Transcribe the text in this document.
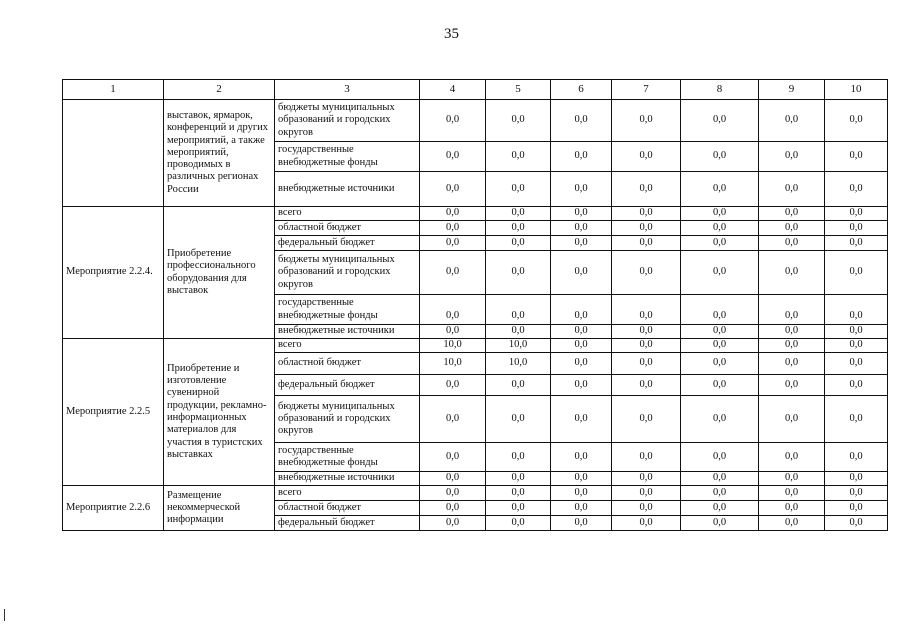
35
1	2	3	4	5	6	7	8	9	10
	выставок, ярмарок, конференций и других мероприятий, а также мероприятий, проводимых в различных регионах России	бюджеты муниципальных образований и городских округов	0,0	0,0	0,0	0,0	0,0	0,0	0,0
		государственные внебюджетные фонды	0,0	0,0	0,0	0,0	0,0	0,0	0,0
		внебюджетные источники	0,0	0,0	0,0	0,0	0,0	0,0	0,0
Мероприятие 2.2.4.	Приобретение профессионального оборудования для выставок	всего	0,0	0,0	0,0	0,0	0,0	0,0	0,0
		областной бюджет	0,0	0,0	0,0	0,0	0,0	0,0	0,0
		федеральный бюджет	0,0	0,0	0,0	0,0	0,0	0,0	0,0
		бюджеты муниципальных образований и городских округов	0,0	0,0	0,0	0,0	0,0	0,0	0,0
		государственные внебюджетные фонды	0,0	0,0	0,0	0,0	0,0	0,0	0,0
		внебюджетные источники	0,0	0,0	0,0	0,0	0,0	0,0	0,0
Мероприятие 2.2.5	Приобретение и изготовление сувенирной продукции, рекламно-информационных материалов для участия в туристских выставках	всего	10,0	10,0	0,0	0,0	0,0	0,0	0,0
		областной бюджет	10,0	10,0	0,0	0,0	0,0	0,0	0,0
		федеральный бюджет	0,0	0,0	0,0	0,0	0,0	0,0	0,0
		бюджеты муниципальных образований и городских округов	0,0	0,0	0,0	0,0	0,0	0,0	0,0
		государственные внебюджетные фонды	0,0	0,0	0,0	0,0	0,0	0,0	0,0
		внебюджетные источники	0,0	0,0	0,0	0,0	0,0	0,0	0,0
Мероприятие 2.2.6	Размещение некоммерческой информации	всего	0,0	0,0	0,0	0,0	0,0	0,0	0,0
		областной бюджет	0,0	0,0	0,0	0,0	0,0	0,0	0,0
		федеральный бюджет	0,0	0,0	0,0	0,0	0,0	0,0	0,0
